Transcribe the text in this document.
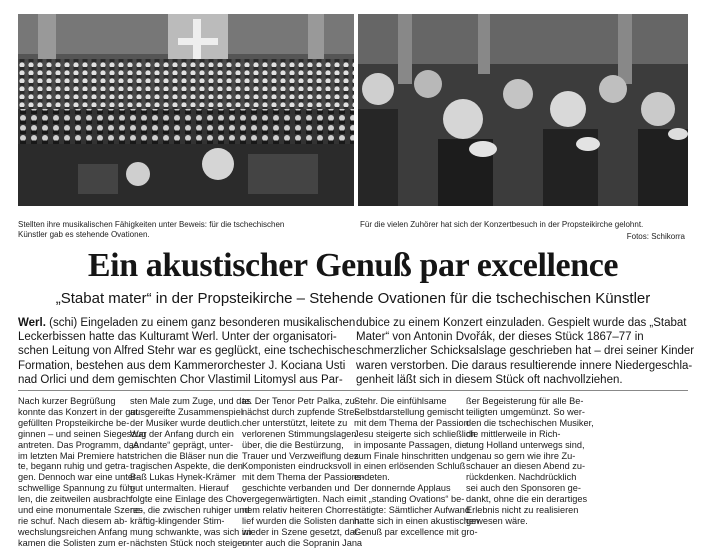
Stellten ihre musikalischen Fähigkeiten unter Beweis: für die tschechischen
Künstler gab es stehende Ovationen.
Für die vielen Zuhörer hat sich der Konzertbesuch in der Propsteikirche gelohnt.
Fotos: Schikorra
Ein akustischer Genuß par excellence
„Stabat mater“ in der Propsteikirche – Stehende Ovationen für die tschechischen Künstler
Werl. (schi) Eingeladen zu einem ganz besonderen musikalischen
Leckerbissen hatte das Kulturamt Werl. Unter der organisatori-
schen Leitung von Alfred Stehr war es geglückt, eine tschechische
Formation, bestehen aus dem Kammerorchester J. Kociana Usti
nad Orlici und dem gemischten Chor Vlastimil Litomysl aus Par-
dubice zu einem Konzert einzuladen. Gespielt wurde das „Stabat
Mater“ von Antonin Dvořák, der dieses Stück 1867–77 in
schmerzlicher Schicksalslage geschrieben hat – drei seiner Kinder
waren verstorben. Die daraus resultierende innere Niedergeschla-
genheit läßt sich in diesem Stück oft nachvollziehen.
Nach kurzer Begrüßung
konnte das Konzert in der gut
gefüllten Propsteikirche be-
ginnen – und seinen Siegeszug
antreten. Das Programm, das
im letzten Mai Premiere hat-
te, begann ruhig und getra-
gen. Dennoch war eine unter-
schwellige Spannung zu füh-
len, die zeitweilen ausbrach
und eine monumentale Szene-
rie schuf. Nach diesem ab-
wechslungsreichen Anfang
kamen die Solisten zum er-
sten Male zum Zuge, und das
ausgereifte Zusammenspiel
der Musiker wurde deutlich.
War der Anfang durch ein
„Andante“ geprägt, unter-
strichen die Bläser nun die
tragischen Aspekte, die den
Baß Lukas Hynek-Krämer
gut untermalten. Hierauf
folgte eine Einlage des Cho-
res, die zwischen ruhiger und
kräftig-klingender Stim-
mung schwankte, was sich im
nächsten Stück noch steiger-
te. Der Tenor Petr Palka, zu-
nächst durch zupfende Strei-
cher unterstützt, leitete zu
verlorenen Stimmungslagen
über, die die Bestürzung,
Trauer und Verzweiflung des
Komponisten eindrucksvoll
mit dem Thema der Passions-
geschichte verbanden und
vergegenwärtigten. Nach ei-
nem relativ heiteren Chorre-
lief wurden die Solisten dann
wieder in Szene gesetzt, dar-
unter auch die Sopranin Jana
Stehr. Die einfühlsame
Selbstdarstellung gemischt
mit dem Thema der Passion
Jesu steigerte sich schließlich
in imposante Passagen, die
zum Finale hinschritten und
in einen erlösenden Schluß
endeten.
Der donnernde Applaus
mit „standing Ovations“ be-
stätigte: Sämtlicher Aufwand
hatte sich in einen akustischen
Genuß par excellence mit gro-
ßer Begeisterung für alle Be-
teiligten umgemünzt. So wer-
den die tschechischen Musiker,
die mittlerweile in Rich-
tung Holland unterwegs sind,
genau so gern wie ihre Zu-
schauer an diesen Abend zu-
rückdenken. Nachdrücklich
sei auch den Sponsoren ge-
dankt, ohne die ein derartiges
Erlebnis nicht zu realisieren
gewesen wäre.
